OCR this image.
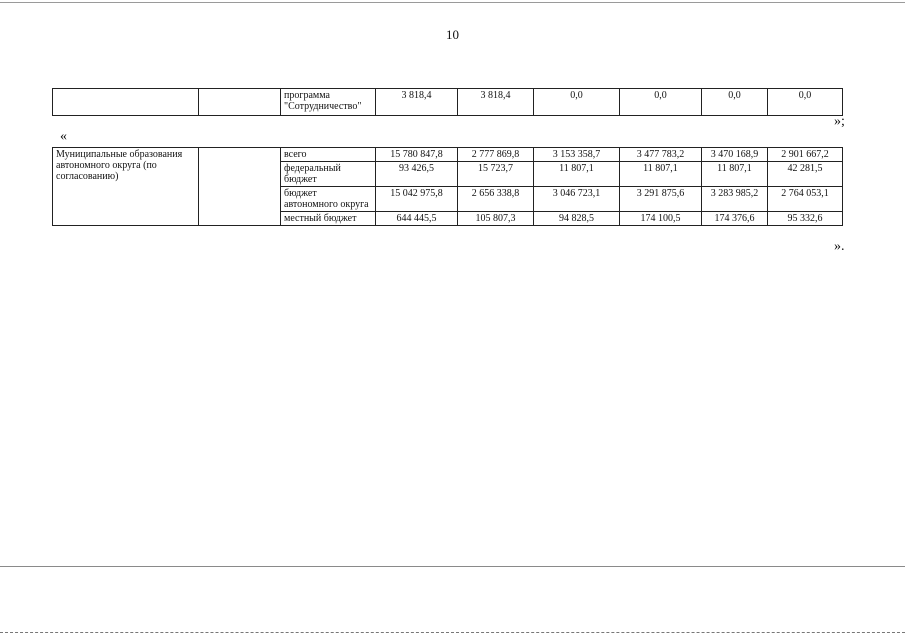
10
		программа "Сотрудничество"	3 818,4	3 818,4	0,0	0,0	0,0	0,0
»;
«
Муниципальные образования автономного округа (по согласованию)		всего	15 780 847,8	2 777 869,8	3 153 358,7	3 477 783,2	3 470 168,9	2 901 667,2
		федеральный бюджет	93 426,5	15 723,7	11 807,1	11 807,1	11 807,1	42 281,5
		бюджет автономного округа	15 042 975,8	2 656 338,8	3 046 723,1	3 291 875,6	3 283 985,2	2 764 053,1
		местный бюджет	644 445,5	105 807,3	94 828,5	174 100,5	174 376,6	95 332,6
».
